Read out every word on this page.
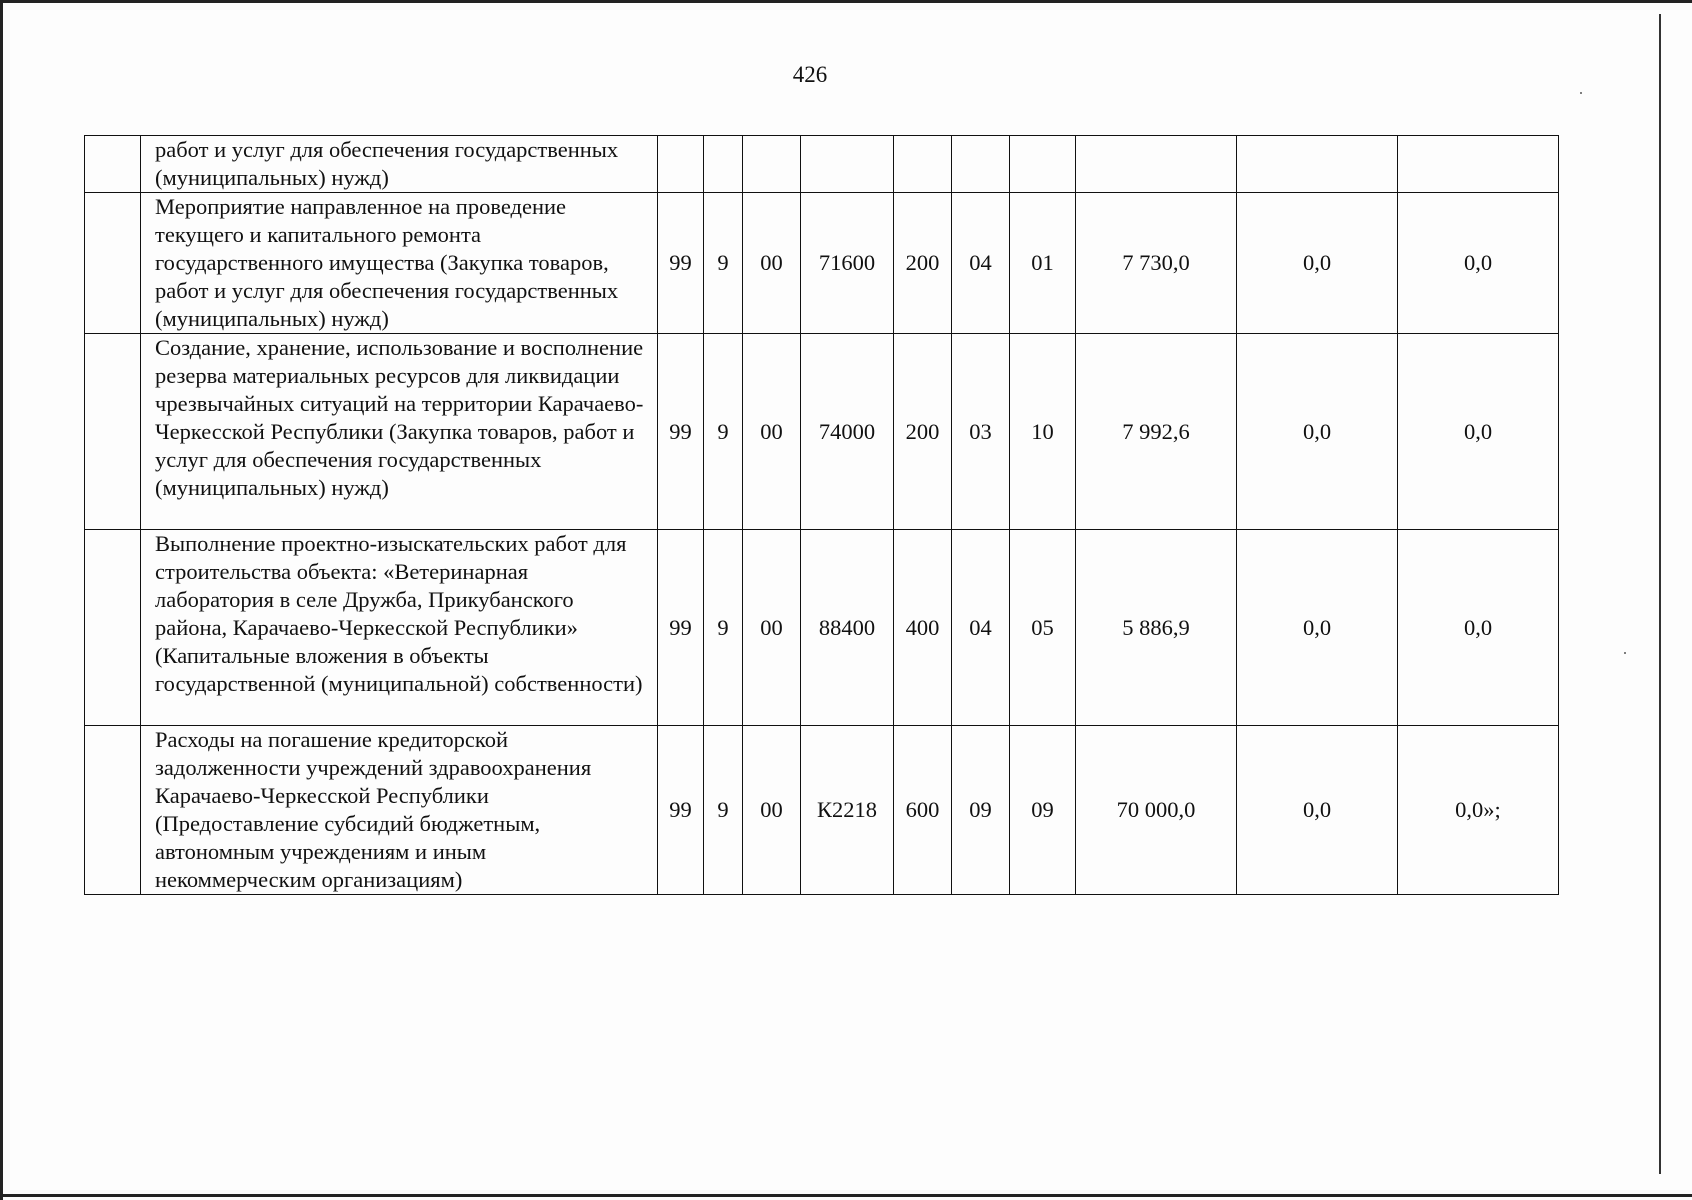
426
	работ и услуг для обеспечения государственных (муниципальных) нужд)										
	Мероприятие направленное на проведение текущего и капитального ремонта государственного имущества (Закупка товаров, работ и услуг для обеспечения государственных (муниципальных) нужд)	99	9	00	71600	200	04	01	7 730,0	0,0	0,0
	Создание, хранение, использование и восполнение резерва материальных ресурсов для ликвидации чрезвычайных ситуаций на территории Карачаево-Черкесской Республики (Закупка товаров, работ и услуг для обеспечения государственных (муниципальных) нужд)	99	9	00	74000	200	03	10	7 992,6	0,0	0,0
	Выполнение проектно-изыскательских работ для строительства объекта: «Ветеринарная лаборатория в селе Дружба, Прикубанского района, Карачаево-Черкесской Республики» (Капитальные вложения в объекты государственной (муниципальной) собственности)	99	9	00	88400	400	04	05	5 886,9	0,0	0,0
	Расходы на погашение кредиторской задолженности учреждений здравоохранения Карачаево-Черкесской Республики (Предоставление субсидий бюджетным, автономным учреждениям и иным некоммерческим организациям)	99	9	00	К2218	600	09	09	70 000,0	0,0	0,0»;
